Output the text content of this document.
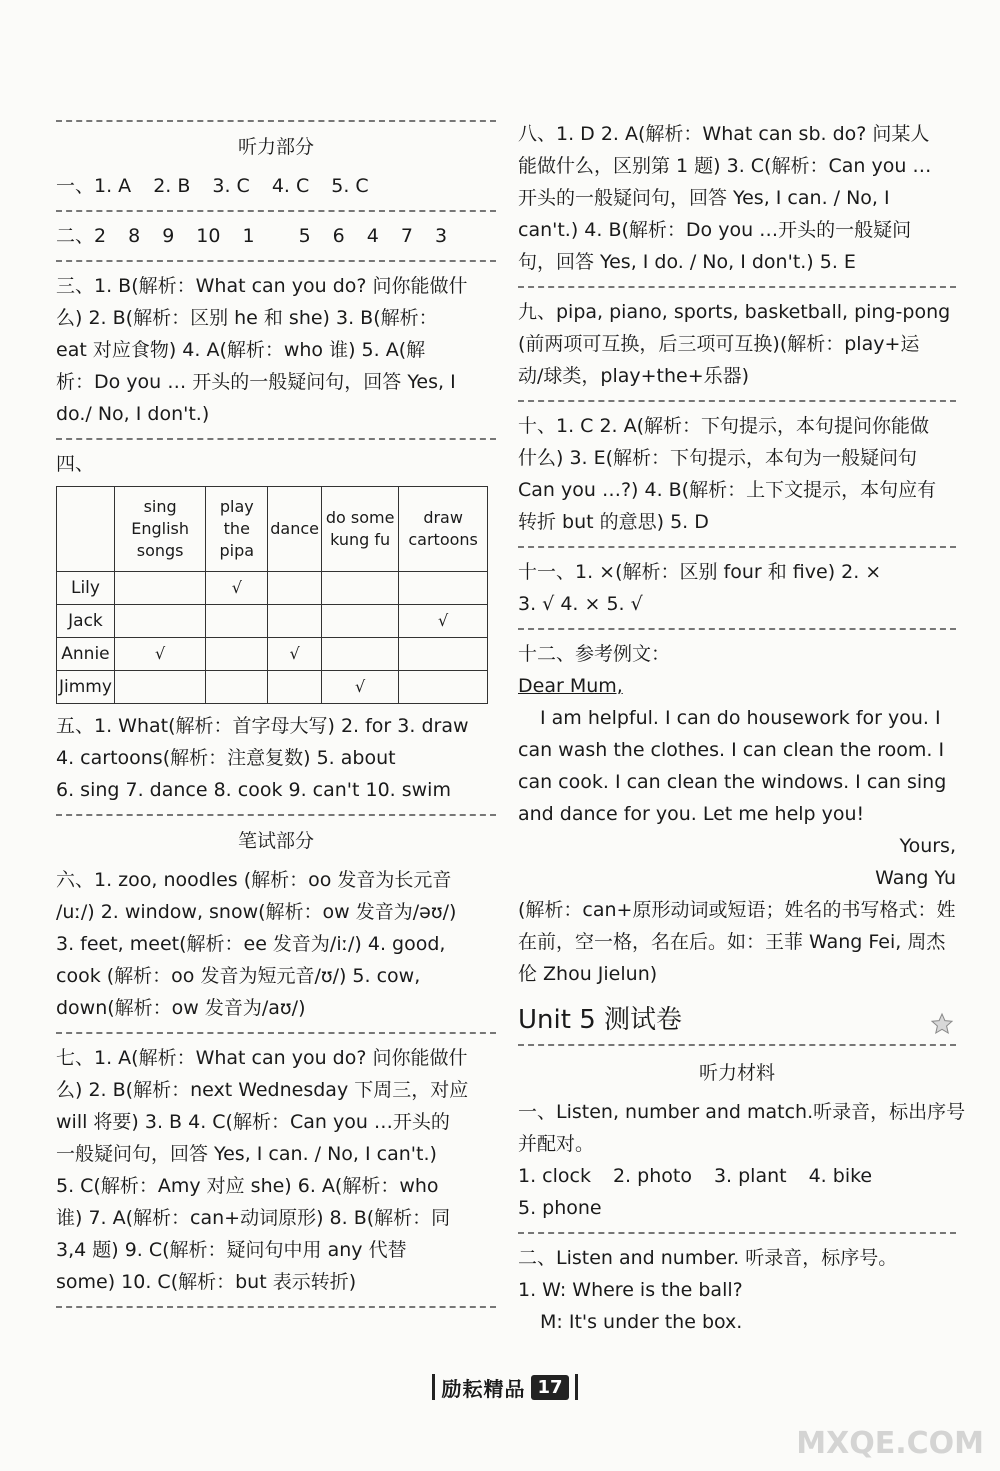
听力部分
一、1. A 2. B 3. C 4. C 5. C
二、2 8 9 10 1 5 6 4 7 3
三、1. B(解析：What can you do? 问你能做什
么) 2. B(解析：区别 he 和 she) 3. B(解析：
eat 对应食物) 4. A(解析：who 谁) 5. A(解
析：Do you … 开头的一般疑问句，回答 Yes, I
do./ No, I don't.)
四、
	sing English songs	play the pipa	dance	do some kung fu	draw cartoons
Lily		√			
Jack					√
Annie	√		√		
Jimmy				√	
五、1. What(解析：首字母大写) 2. for 3. draw
4. cartoons(解析：注意复数) 5. about
6. sing 7. dance 8. cook 9. can't 10. swim
笔试部分
六、1. zoo, noodles (解析：oo 发音为长元音
/uː/) 2. window, snow(解析：ow 发音为/əʊ/)
3. feet, meet(解析：ee 发音为/iː/) 4. good,
cook (解析：oo 发音为短元音/ʊ/) 5. cow,
down(解析：ow 发音为/aʊ/)
七、1. A(解析：What can you do? 问你能做什
么) 2. B(解析：next Wednesday 下周三，对应
will 将要) 3. B 4. C(解析：Can you …开头的
一般疑问句，回答 Yes, I can. / No, I can't.)
5. C(解析：Amy 对应 she) 6. A(解析：who
谁) 7. A(解析：can+动词原形) 8. B(解析：同
3,4 题) 9. C(解析：疑问句中用 any 代替
some) 10. C(解析：but 表示转折)
八、1. D 2. A(解析：What can sb. do? 问某人
能做什么，区别第 1 题) 3. C(解析：Can you …
开头的一般疑问句，回答 Yes, I can. / No, I
can't.) 4. B(解析：Do you …开头的一般疑问
句，回答 Yes, I do. / No, I don't.) 5. E
九、pipa, piano, sports, basketball, ping-pong
(前两项可互换，后三项可互换)(解析：play+运
动/球类，play+the+乐器)
十、1. C 2. A(解析：下句提示，本句提问你能做
什么) 3. E(解析：下句提示，本句为一般疑问句
Can you …?) 4. B(解析：上下文提示，本句应有
转折 but 的意思) 5. D
十一、1. ×(解析：区别 four 和 five) 2. ×
3. √ 4. × 5. √
十二、参考例文：
Dear Mum,
I am helpful. I can do housework for you. I
can wash the clothes. I can clean the room. I
can cook. I can clean the windows. I can sing
and dance for you. Let me help you!
Yours,
Wang Yu
(解析：can+原形动词或短语；姓名的书写格式：姓
在前，空一格，名在后。如：王菲 Wang Fei, 周杰
伦 Zhou Jielun)
Unit 5 测试卷
听力材料
一、Listen, number and match.听录音，标出序号
并配对。
1. clock 2. photo 3. plant 4. bike
5. phone
二、Listen and number. 听录音，标序号。
1. W: Where is the ball?
M: It's under the box.
励耘精品 17
MXQE.COM
